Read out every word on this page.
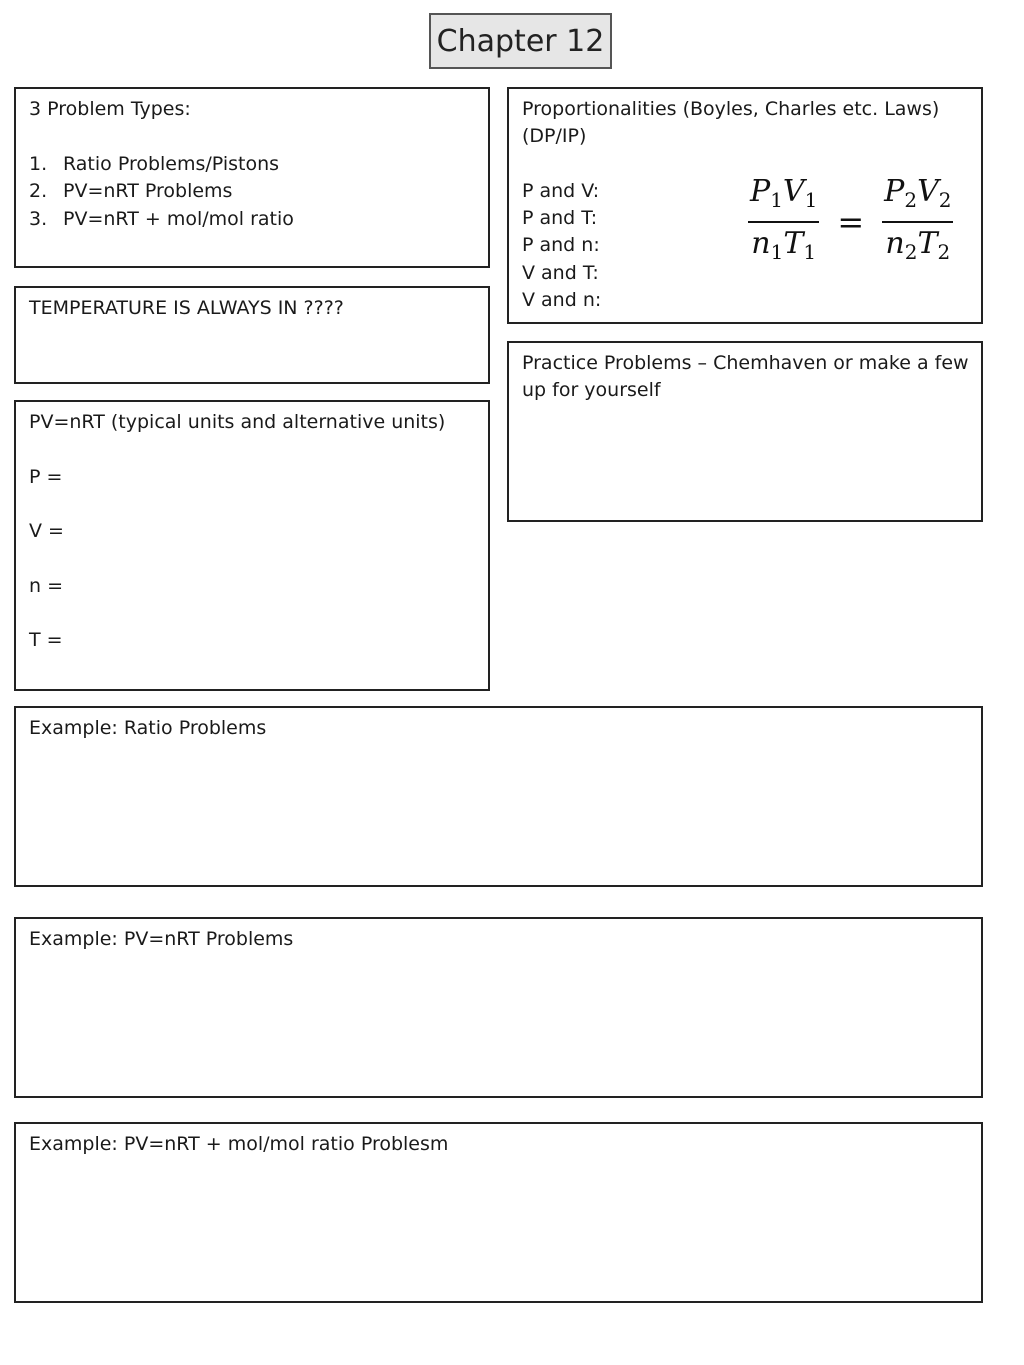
Chapter 12
3 Problem Types:
1. Ratio Problems/Pistons
2. PV=nRT Problems
3. PV=nRT + mol/mol ratio
TEMPERATURE IS ALWAYS IN ????
PV=nRT (typical units and alternative units)
P =
V =
n =
T =
Proportionalities (Boyles, Charles etc. Laws)
(DP/IP)
P and V:
P and T:
P and n:
V and T:
V and n:
$\frac{P_1V_1}{n_1T_1} = \frac{P_2V_2}{n_2T_2}$
Practice Problems – Chemhaven or make a few
up for yourself
Example: Ratio Problems
Example: PV=nRT Problems
Example: PV=nRT + mol/mol ratio Problesm
